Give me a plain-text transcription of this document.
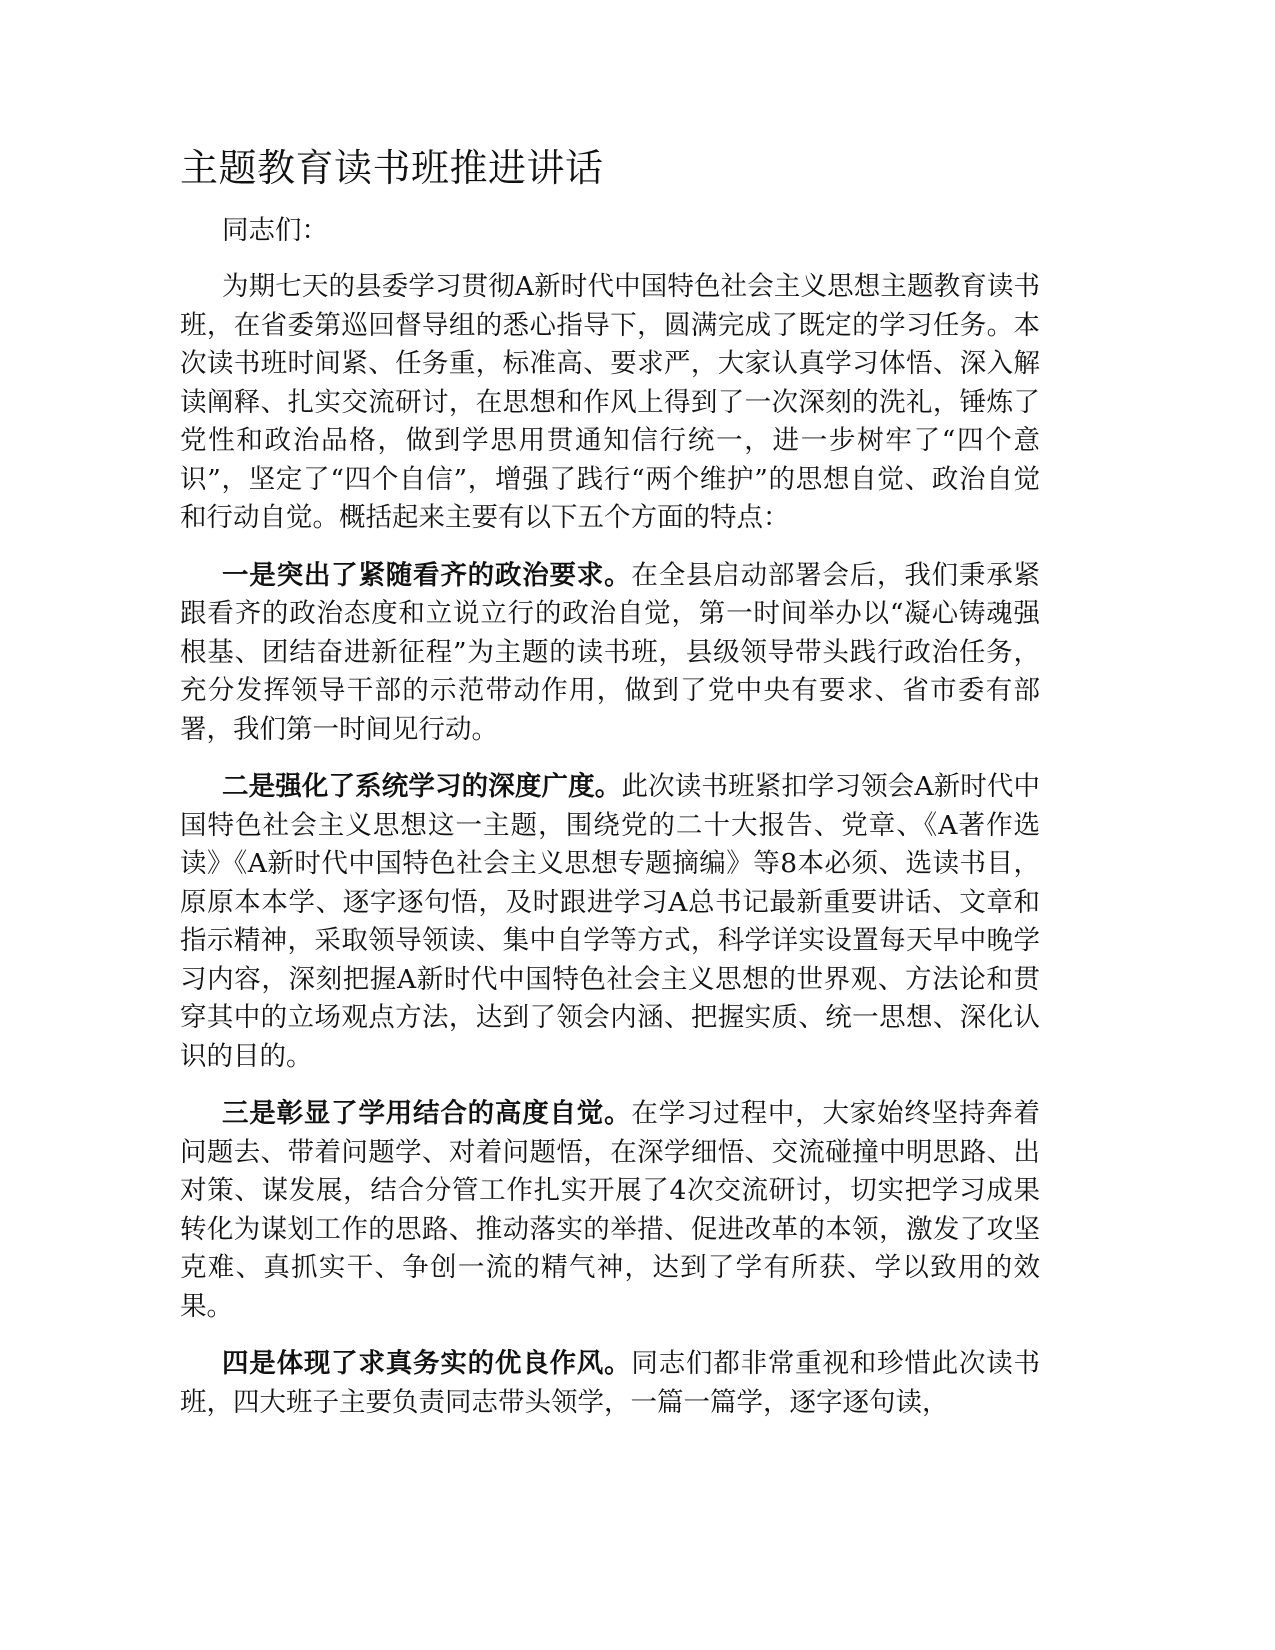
主题教育读书班推进讲话

同志们：

为期七天的县委学习贯彻A新时代中国特色社会主义思想主题教育读书班，在省委第巡回督导组的悉心指导下，圆满完成了既定的学习任务。本次读书班时间紧、任务重，标准高、要求严，大家认真学习体悟、深入解读阐释、扎实交流研讨，在思想和作风上得到了一次深刻的洗礼，锤炼了党性和政治品格，做到学思用贯通知信行统一，进一步树牢了“四个意识”，坚定了“四个自信”，增强了践行“两个维护”的思想自觉、政治自觉和行动自觉。概括起来主要有以下五个方面的特点：

一是突出了紧随看齐的政治要求。在全县启动部署会后，我们秉承紧跟看齐的政治态度和立说立行的政治自觉，第一时间举办以“凝心铸魂强根基、团结奋进新征程”为主题的读书班，县级领导带头践行政治任务，充分发挥领导干部的示范带动作用，做到了党中央有要求、省市委有部署，我们第一时间见行动。

二是强化了系统学习的深度广度。此次读书班紧扣学习领会A新时代中国特色社会主义思想这一主题，围绕党的二十大报告、党章、《A著作选读》《A新时代中国特色社会主义思想专题摘编》等8本必须、选读书目，原原本本学、逐字逐句悟，及时跟进学习A总书记最新重要讲话、文章和指示精神，采取领导领读、集中自学等方式，科学详实设置每天早中晚学习内容，深刻把握A新时代中国特色社会主义思想的世界观、方法论和贯穿其中的立场观点方法，达到了领会内涵、把握实质、统一思想、深化认识的目的。

三是彰显了学用结合的高度自觉。在学习过程中，大家始终坚持奔着问题去、带着问题学、对着问题悟，在深学细悟、交流碰撞中明思路、出对策、谋发展，结合分管工作扎实开展了4次交流研讨，切实把学习成果转化为谋划工作的思路、推动落实的举措、促进改革的本领，激发了攻坚克难、真抓实干、争创一流的精气神，达到了学有所获、学以致用的效果。

四是体现了求真务实的优良作风。同志们都非常重视和珍惜此次读书班，四大班子主要负责同志带头领学，一篇一篇学，逐字逐句读，
